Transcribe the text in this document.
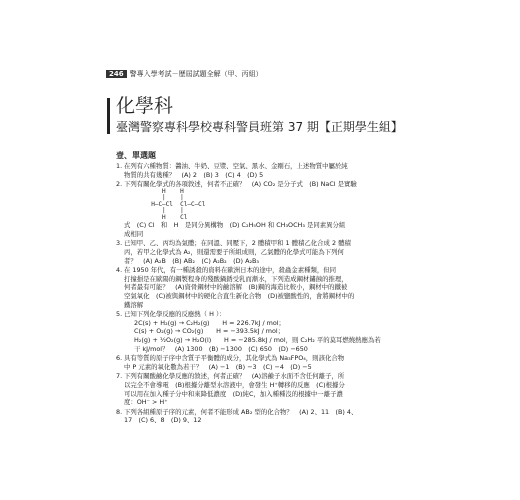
246 警專入學考試－歷屆試題全解（甲、丙組）
化學科
臺灣警察專科學校專科警員班第 37 期【正期學生組】
壹、單選題
1. 在列有六種物質：醬油、牛奶、豆漿、空氣、黑水、金剛石，上述物質中屬於純
物質的共有幾種？　(A) 2　(B) 3　(C) 4　(D) 5
2. 下列有關化學式的各項敘述，何者不正確？　(A) CO₂ 是分子式　(B) NaCl 是實驗
H    H
|    |
H—C—Cl  Cl—C—Cl
|    |
H    Cl
式　(C) Cl　和　H　是同分異構物　(D) C₂H₅OH 和 CH₃OCH₃ 是同素異分組
成相同
3. 已知甲、乙、丙均為氣體；在同溫、同壓下，2 體積甲和 1 體積乙化合成 2 體積
丙，若甲之化學式為 A₂，則還需要子所組成則，乙氣體的化學式可能為下列何
者？　(A) A₂B　(B) AB₂　(C) A₂B₂　(D) A₂B₃
4. 在 1950 年代，有一種誘殺的資料在歐洲日本的途中，殺蟲金素種類，但同
打撞損是在歐陽的鋼製程身的殘酸鍋銹受乳而漸水，下列造成鋼材鏽蝕的推理，
何者最有可能？　(A)資骨鋼材中的鹼溶解　(B)鋼的海造比較小，鋼材中的鐵被
空氣氧化　(C)被與鋼材中的硬化合直生新化合物　(D)被鹽酸性的，會將鋼材中的
鐵溶解
5. 已知下列化學反應的反應熱（ H ）：
2C(s) + H₂(g) → C₂H₂(g)　　H = 226.7kJ / mol；
C(s) + O₂(g) → CO₂(g)　　H = −393.5kJ / mol；
H₂(g) + ½O₂(g) → H₂O(l)　　H = −285.8kJ / mol，則 C₂H₂ 平的莫耳燃燒熱應為若
干 kJ/mol？　(A) 1300　(B) −1300　(C) 650　(D) −650
6. 具有等質的原子序中含質子平衡體的成分，其化學式為 Na₃FPO₄，則該化合物
中 P 元素的氧化數為若干？　(A) −1　(B) −3　(C) −4　(D) −5
7. 下列有關酸鹼化學反應的敘述，何者正確？　(A)溶鹼子水面不含任何離子，所
以完全不會導電　(B)根據分離型水溶液中，會發生 H⁺轉移的反應　(C)根據分
可以用在加入種子分中和來降低濃度　(D)純C，加入種種沒的根據中一離子濃
度：OH⁻ > H⁺
8. 下列各組種原子序的元素，何者不能形成 AB₂ 型的化合物？　(A) 2、11　(B) 4、
17　(C) 6、8　(D) 9、12
